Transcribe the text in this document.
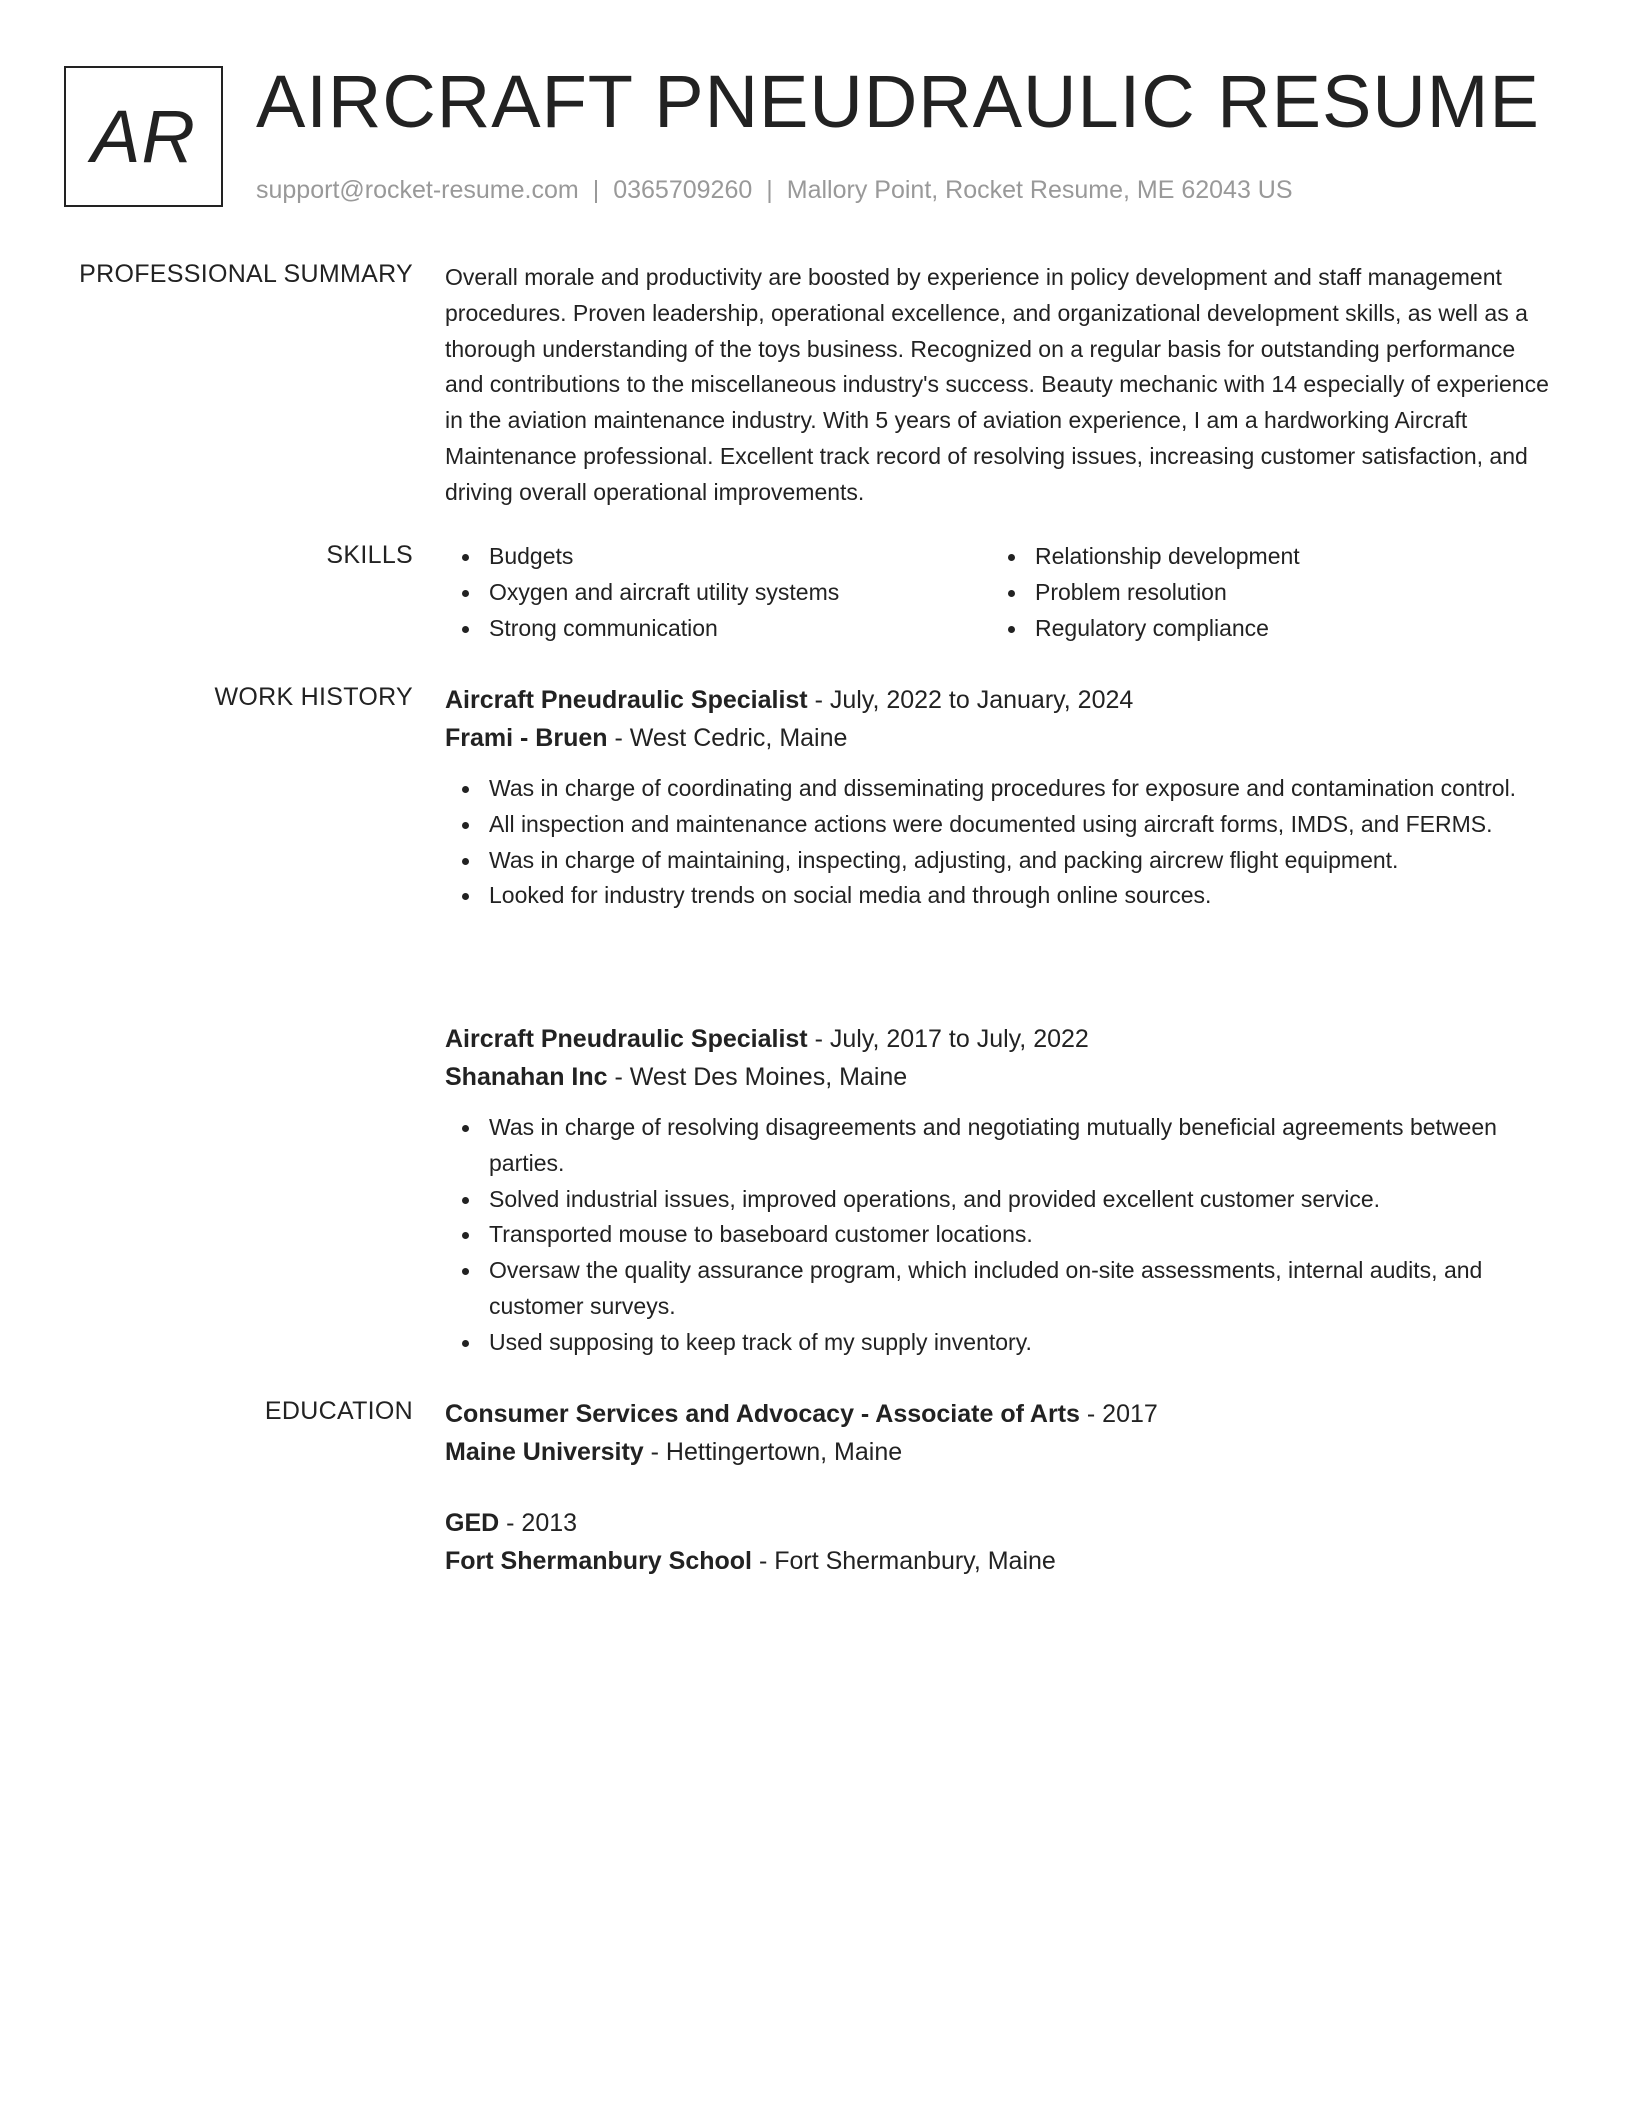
AR AIRCRAFT PNEUDRAULIC RESUME
support@rocket-resume.com | 0365709260 | Mallory Point, Rocket Resume, ME 62043 US
PROFESSIONAL SUMMARY Overall morale and productivity are boosted by experience in policy development and staff management procedures. Proven leadership, operational excellence, and organizational development skills, as well as a thorough understanding of the toys business. Recognized on a regular basis for outstanding performance and contributions to the miscellaneous industry's success. Beauty mechanic with 14 especially of experience in the aviation maintenance industry. With 5 years of aviation experience, I am a hardworking Aircraft Maintenance professional. Excellent track record of resolving issues, increasing customer satisfaction, and driving overall operational improvements.

SKILLS	Budgets
Oxygen and aircraft utility systems
Strong communication
Relationship development
Problem resolution
Regulatory compliance
WORK HISTORY Aircraft Pneudraulic Specialist - July, 2022 to January, 2024
Frami - Bruen - West Cedric, Maine
Was in charge of coordinating and disseminating procedures for exposure and contamination control.
All inspection and maintenance actions were documented using aircraft forms, IMDS, and FERMS.
Was in charge of maintaining, inspecting, adjusting, and packing aircrew flight equipment.
Looked for industry trends on social media and through online sources.
Aircraft Pneudraulic Specialist - July, 2017 to July, 2022
Shanahan Inc - West Des Moines, Maine
Was in charge of resolving disagreements and negotiating mutually beneficial agreements between parties.
Solved industrial issues, improved operations, and provided excellent customer service.
Transported mouse to baseboard customer locations.
Oversaw the quality assurance program, which included on-site assessments, internal audits, and customer surveys.
Used supposing to keep track of my supply inventory.
EDUCATION Consumer Services and Advocacy - Associate of Arts - 2017
Maine University - Hettingertown, Maine
GED - 2013
Fort Shermanbury School - Fort Shermanbury, Maine
